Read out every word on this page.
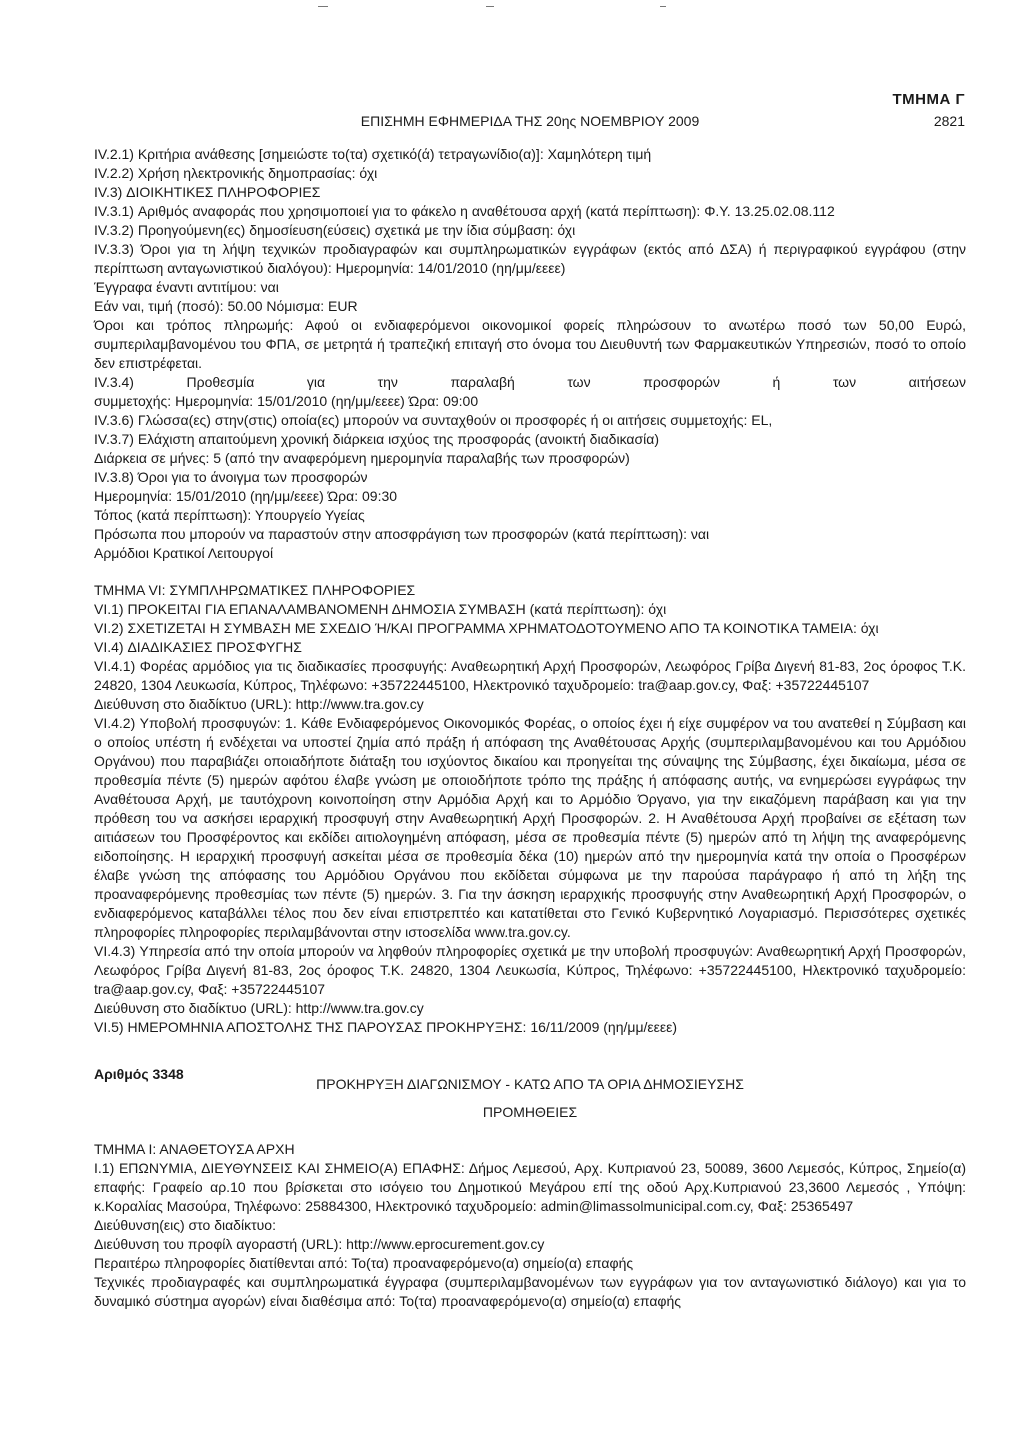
ΤΜΗΜΑ Γ
ΕΠΙΣΗΜΗ ΕΦΗΜΕΡΙΔΑ ΤΗΣ 20ης ΝΟΕΜΒΡΙΟΥ 2009	2821
IV.2.1) Κριτήρια ανάθεσης [σημειώστε το(τα) σχετικό(ά) τετραγωνίδιο(α)]: Χαμηλότερη τιμή
IV.2.2) Χρήση ηλεκτρονικής δημοπρασίας: όχι
IV.3) ΔΙΟΙΚΗΤΙΚΕΣ ΠΛΗΡΟΦΟΡΙΕΣ
IV.3.1) Αριθμός αναφοράς που χρησιμοποιεί για το φάκελο η αναθέτουσα αρχή (κατά περίπτωση): Φ.Υ. 13.25.02.08.112
IV.3.2) Προηγούμενη(ες) δημοσίευση(εύσεις) σχετικά με την ίδια σύμβαση: όχι
IV.3.3) Όροι για τη λήψη τεχνικών προδιαγραφών και συμπληρωματικών εγγράφων (εκτός από ΔΣΑ) ή περιγραφικού εγγράφου (στην περίπτωση ανταγωνιστικού διαλόγου): Ημερομηνία: 14/01/2010 (ηη/μμ/εεεε)
Έγγραφα έναντι αντιτίμου: ναι
Εάν ναι, τιμή (ποσό): 50.00 Νόμισμα: EUR
Όροι και τρόπος πληρωμής: Αφού οι ενδιαφερόμενοι οικονομικοί φορείς πληρώσουν το ανωτέρω ποσό των 50,00 Ευρώ, συμπεριλαμβανομένου του ΦΠΑ, σε μετρητά ή τραπεζική επιταγή στο όνομα του Διευθυντή των Φαρμακευτικών Υπηρεσιών, ποσό το οποίο δεν επιστρέφεται.
IV.3.4) Προθεσμία για την παραλαβή των προσφορών ή των αιτήσεων
συμμετοχής: Ημερομηνία: 15/01/2010 (ηη/μμ/εεεε) Ώρα: 09:00
IV.3.6) Γλώσσα(ες) στην(στις) οποία(ες) μπορούν να συνταχθούν οι προσφορές ή οι αιτήσεις συμμετοχής: EL,
IV.3.7) Ελάχιστη απαιτούμενη χρονική διάρκεια ισχύος της προσφοράς (ανοικτή διαδικασία)
Διάρκεια σε μήνες: 5 (από την αναφερόμενη ημερομηνία παραλαβής των προσφορών)
IV.3.8) Όροι για το άνοιγμα των προσφορών
Ημερομηνία: 15/01/2010 (ηη/μμ/εεεε) Ώρα: 09:30
Τόπος (κατά περίπτωση): Υπουργείο Υγείας
Πρόσωπα που μπορούν να παραστούν στην αποσφράγιση των προσφορών (κατά περίπτωση): ναι
Αρμόδιοι Κρατικοί Λειτουργοί
ΤΜΗΜΑ VI: ΣΥΜΠΛΗΡΩΜΑΤΙΚΕΣ ΠΛΗΡΟΦΟΡΙΕΣ
VI.1) ΠΡΟΚΕΙΤΑΙ ΓΙΑ ΕΠΑΝΑΛΑΜΒΑΝΟΜΕΝΗ ΔΗΜΟΣΙΑ ΣΥΜΒΑΣΗ (κατά περίπτωση): όχι
VI.2) ΣΧΕΤΙΖΕΤΑΙ Η ΣΥΜΒΑΣΗ ΜΕ ΣΧΕΔΙΟ Ή/ΚΑΙ ΠΡΟΓΡΑΜΜΑ ΧΡΗΜΑΤΟΔΟΤΟΥΜΕΝΟ ΑΠΟ ΤΑ ΚΟΙΝΟΤΙΚΑ ΤΑΜΕΙΑ: όχι
VI.4) ΔΙΑΔΙΚΑΣΙΕΣ ΠΡΟΣΦΥΓΗΣ
VI.4.1) Φορέας αρμόδιος για τις διαδικασίες προσφυγής: Αναθεωρητική Αρχή Προσφορών, Λεωφόρος Γρίβα Διγενή 81-83, 2ος όροφος Τ.Κ. 24820, 1304 Λευκωσία, Κύπρος, Τηλέφωνο: +35722445100, Ηλεκτρονικό ταχυδρομείο: tra@aap.gov.cy, Φαξ: +35722445107
Διεύθυνση στο διαδίκτυο (URL): http://www.tra.gov.cy
VI.4.2) Υποβολή προσφυγών: 1. Κάθε Ενδιαφερόμενος Οικονομικός Φορέας, ο οποίος έχει ή είχε συμφέρον να του ανατεθεί η Σύμβαση και ο οποίος υπέστη ή ενδέχεται να υποστεί ζημία από πράξη ή απόφαση της Αναθέτουσας Αρχής (συμπεριλαμβανομένου και του Αρμόδιου Οργάνου) που παραβιάζει οποιαδήποτε διάταξη του ισχύοντος δικαίου και προηγείται της σύναψης της Σύμβασης, έχει δικαίωμα, μέσα σε προθεσμία πέντε (5) ημερών αφότου έλαβε γνώση με οποιοδήποτε τρόπο της πράξης ή απόφασης αυτής, να ενημερώσει εγγράφως την Αναθέτουσα Αρχή, με ταυτόχρονη κοινοποίηση στην Αρμόδια Αρχή και το Αρμόδιο Όργανο, για την εικαζόμενη παράβαση και για την πρόθεση του να ασκήσει ιεραρχική προσφυγή στην Αναθεωρητική Αρχή Προσφορών. 2. Η Αναθέτουσα Αρχή προβαίνει σε εξέταση των αιτιάσεων του Προσφέροντος και εκδίδει αιτιολογημένη απόφαση, μέσα σε προθεσμία πέντε (5) ημερών από τη λήψη της αναφερόμενης ειδοποίησης. Η ιεραρχική προσφυγή ασκείται μέσα σε προθεσμία δέκα (10) ημερών από την ημερομηνία κατά την οποία ο Προσφέρων έλαβε γνώση της απόφασης του Αρμόδιου Οργάνου που εκδίδεται σύμφωνα με την παρούσα παράγραφο ή από τη λήξη της προαναφερόμενης προθεσμίας των πέντε (5) ημερών. 3. Για την άσκηση ιεραρχικής προσφυγής στην Αναθεωρητική Αρχή Προσφορών, ο ενδιαφερόμενος καταβάλλει τέλος που δεν είναι επιστρεπτέο και κατατίθεται στο Γενικό Κυβερνητικό Λογαριασμό. Περισσότερες σχετικές πληροφορίες πληροφορίες περιλαμβάνονται στην ιστοσελίδα www.tra.gov.cy.
VI.4.3) Υπηρεσία από την οποία μπορούν να ληφθούν πληροφορίες σχετικά με την υποβολή προσφυγών: Αναθεωρητική Αρχή Προσφορών, Λεωφόρος Γρίβα Διγενή 81-83, 2ος όροφος Τ.Κ. 24820, 1304 Λευκωσία, Κύπρος, Τηλέφωνο: +35722445100, Ηλεκτρονικό ταχυδρομείο: tra@aap.gov.cy, Φαξ: +35722445107
Διεύθυνση στο διαδίκτυο (URL): http://www.tra.gov.cy
VI.5) ΗΜΕΡΟΜΗΝΙΑ ΑΠΟΣΤΟΛΗΣ ΤΗΣ ΠΑΡΟΥΣΑΣ ΠΡΟΚΗΡΥΞΗΣ: 16/11/2009 (ηη/μμ/εεεε)
Αριθμός 3348
ΠΡΟΚΗΡΥΞΗ ΔΙΑΓΩΝΙΣΜΟΥ - ΚΑΤΩ ΑΠΟ ΤΑ ΟΡΙΑ ΔΗΜΟΣΙΕΥΣΗΣ
ΠΡΟΜΗΘΕΙΕΣ
ΤΜΗΜΑ Ι: ΑΝΑΘΕΤΟΥΣΑ ΑΡΧΗ
Ι.1) ΕΠΩΝΥΜΙΑ, ΔΙΕΥΘΥΝΣΕΙΣ ΚΑΙ ΣΗΜΕΙΟ(Α) ΕΠΑΦΗΣ: Δήμος Λεμεσού, Αρχ. Κυπριανού 23, 50089, 3600 Λεμεσός, Κύπρος, Σημείο(α) επαφής: Γραφείο αρ.10 που βρίσκεται στο ισόγειο του Δημοτικού Μεγάρου επί της οδού Αρχ.Κυπριανού 23,3600 Λεμεσός , Υπόψη: κ.Κοραλίας Μασούρα, Τηλέφωνο: 25884300, Ηλεκτρονικό ταχυδρομείο: admin@limassolmunicipal.com.cy, Φαξ: 25365497
Διεύθυνση(εις) στο διαδίκτυο:
Διεύθυνση του προφίλ αγοραστή (URL): http://www.eprocurement.gov.cy
Περαιτέρω πληροφορίες διατίθενται από: Το(τα) προαναφερόμενο(α) σημείο(α) επαφής
Τεχνικές προδιαγραφές και συμπληρωματικά έγγραφα (συμπεριλαμβανομένων των εγγράφων για τον ανταγωνιστικό διάλογο) και για το δυναμικό σύστημα αγορών) είναι διαθέσιμα από: Το(τα) προαναφερόμενο(α) σημείο(α) επαφής
